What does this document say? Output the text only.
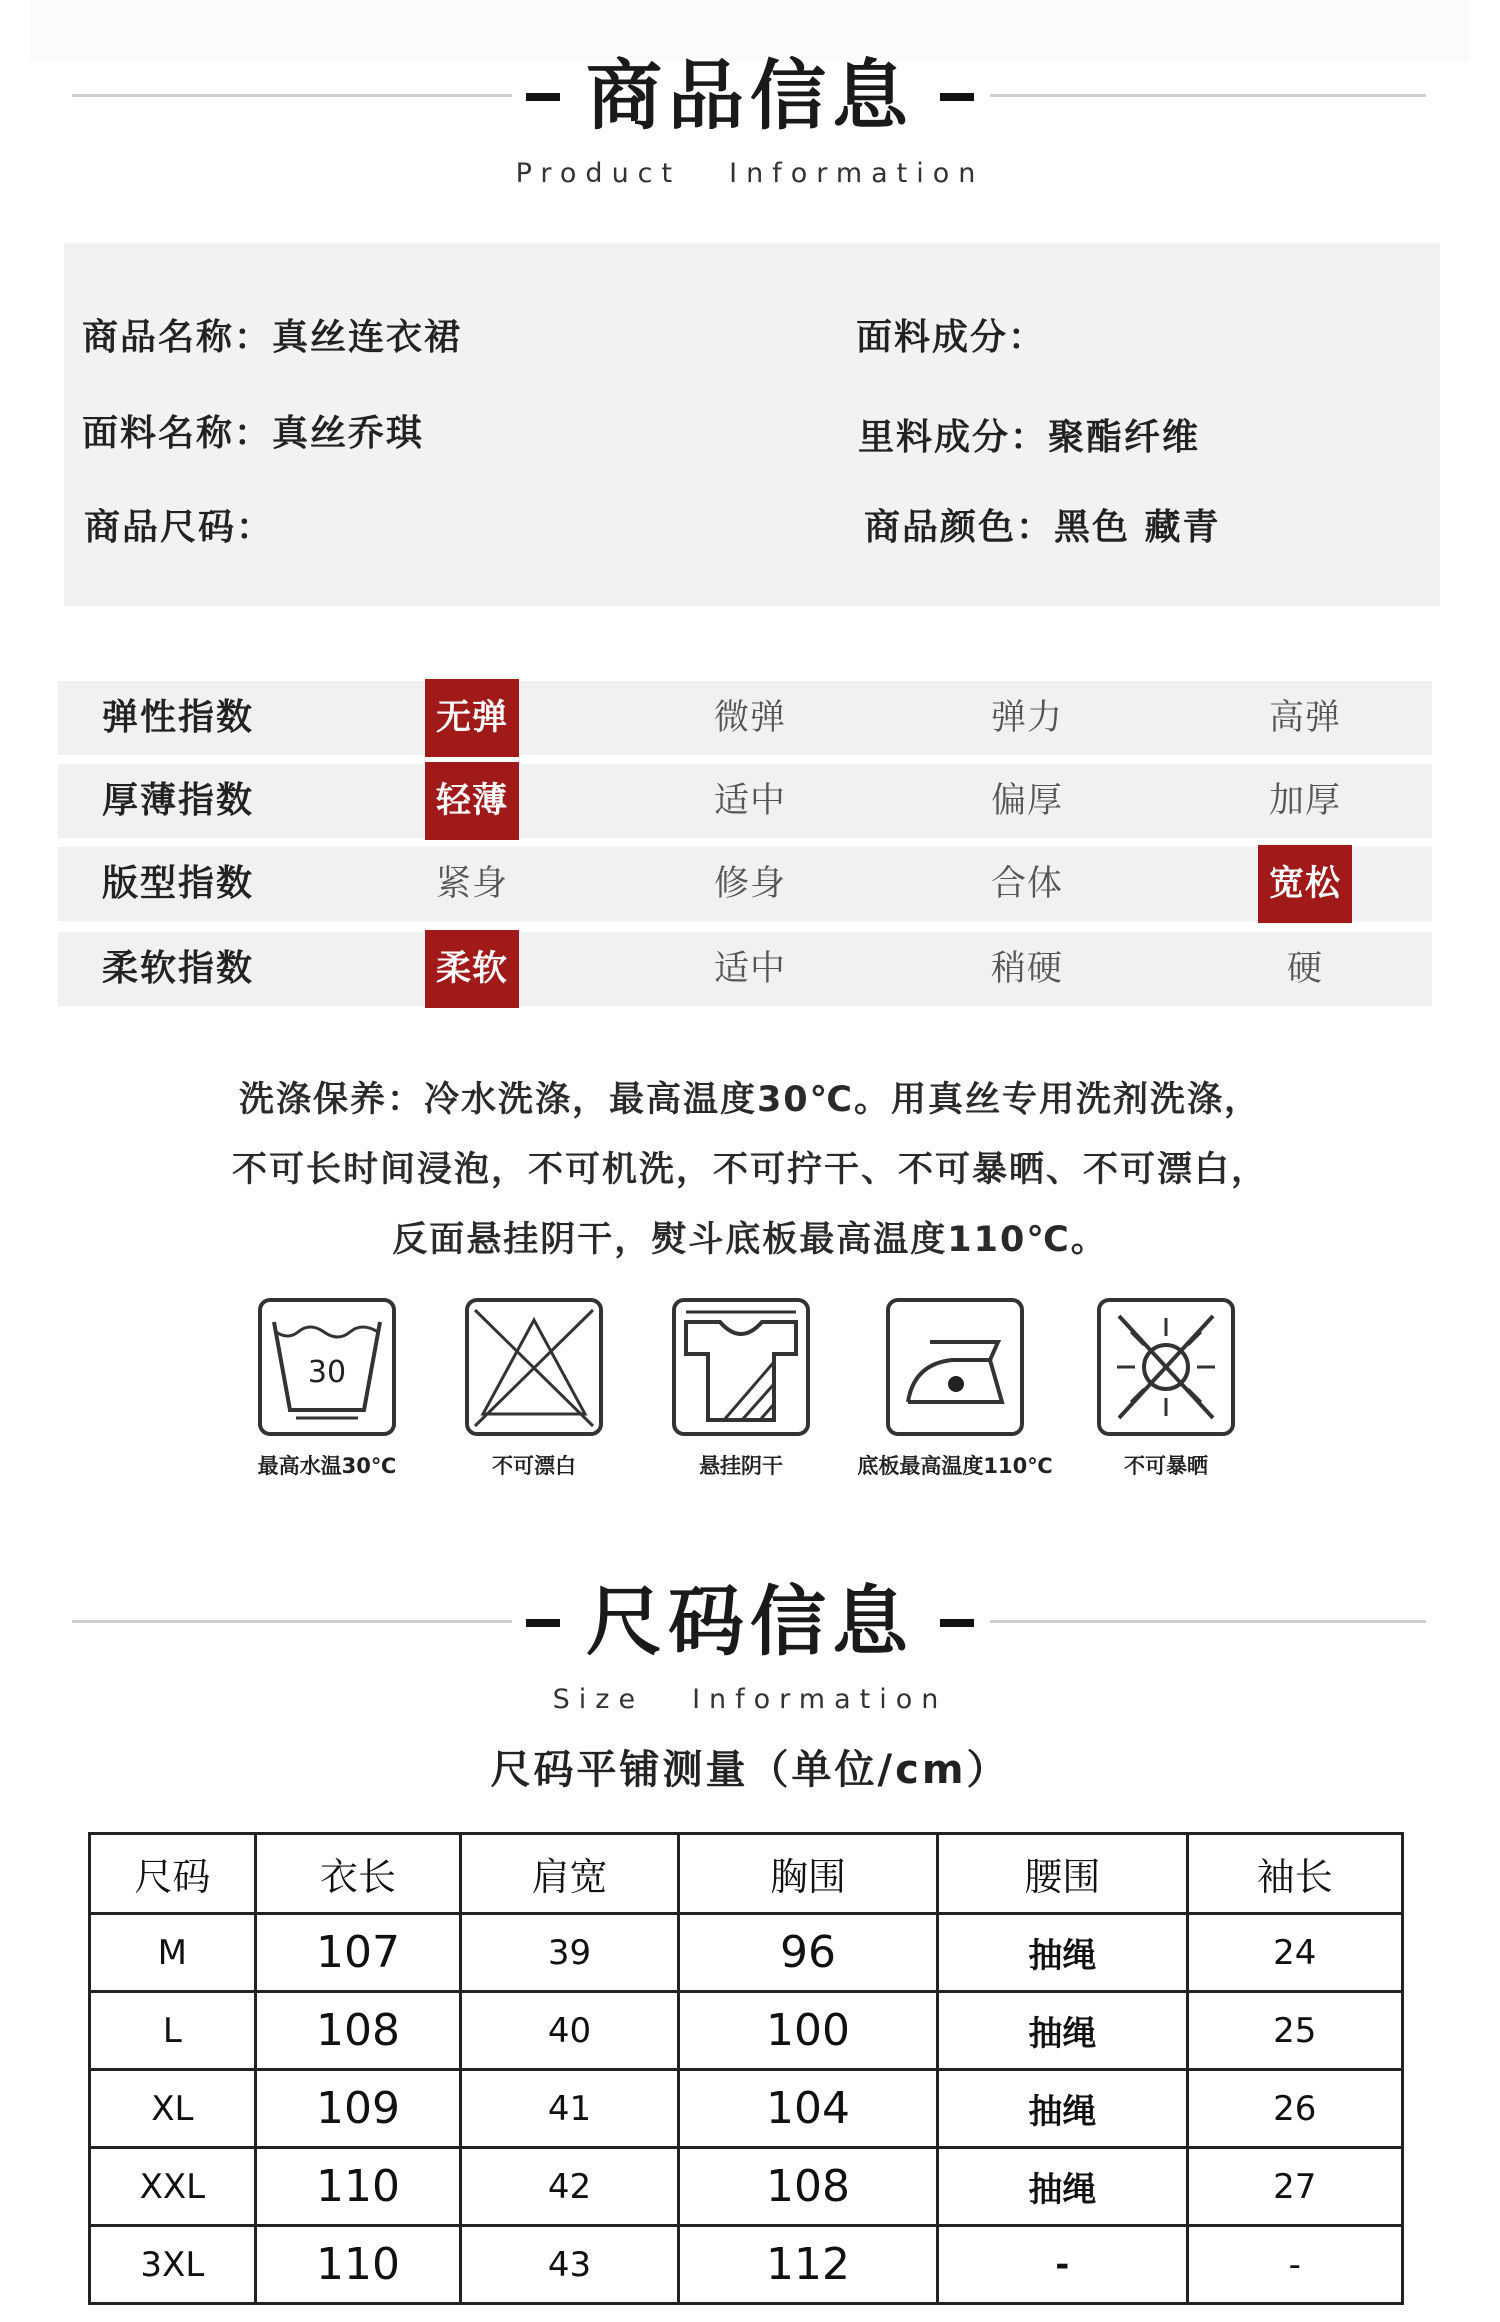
商品信息
Product Information
商品名称：真丝连衣裙	面料成分：
面料名称：真丝乔琪	里料成分：聚酯纤维
商品尺码：	商品颜色：黑色 藏青
弹性指数	无弹	微弹	弹力	高弹
厚薄指数	轻薄	适中	偏厚	加厚
版型指数	紧身	修身	合体	宽松
柔软指数	柔软	适中	稍硬	硬
洗涤保养：冷水洗涤，最高温度30℃。用真丝专用洗剂洗涤，
不可长时间浸泡，不可机洗，不可拧干、不可暴晒、不可漂白，
反面悬挂阴干，熨斗底板最高温度110℃。
30
最高水温30℃	不可漂白	悬挂阴干	底板最高温度110℃	不可暴晒
尺码信息
Size Information
尺码平铺测量（单位/cm）
尺码	衣长	肩宽	胸围	腰围	袖长
M	107	39	96	抽绳	24
L	108	40	100	抽绳	25
XL	109	41	104	抽绳	26
XXL	110	42	108	抽绳	27
3XL	110	43	112	-	-
